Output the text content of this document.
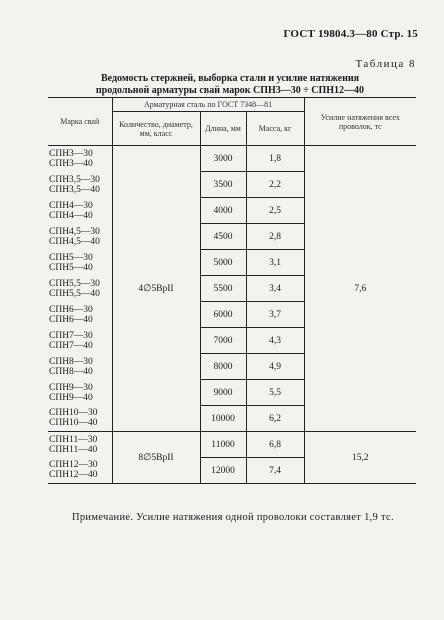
ГОСТ 19804.3—80 Стр. 15
Таблица 8
Ведомость стержней, выборка стали и усилие натяжения
продольной арматуры свай марок СПН3—30 ÷ СПН12—40
Марка свай	Арматурная сталь по ГОСТ 7348—81			Усилие натяжения всех проволок, тс
	Количество, диаметр, мм, класс	Длина, мм	Масса, кг	

СПН3—30
СПН3—40	4∅5ВрII	3000	1,8	7,6

СПН3,5—30
СПН3,5—40		3500	2,2	

СПН4—30
СПН4—40		4000	2,5	

СПН4,5—30
СПН4,5—40		4500	2,8	

СПН5—30
СПН5—40		5000	3,1	

СПН5,5—30
СПН5,5—40		5500	3,4	

СПН6—30
СПН6—40		6000	3,7	

СПН7—30
СПН7—40		7000	4,3	

СПН8—30
СПН8—40		8000	4,9	

СПН9—30
СПН9—40		9000	5,5	

СПН10—30
СПН10—40		10000	6,2	

СПН11—30
СПН11—40	8∅5ВрII	11000	6,8	15,2

СПН12—30
СПН12—40		12000	7,4	
Примечание. Усилие натяжения одной проволоки составляет 1,9 тс.
